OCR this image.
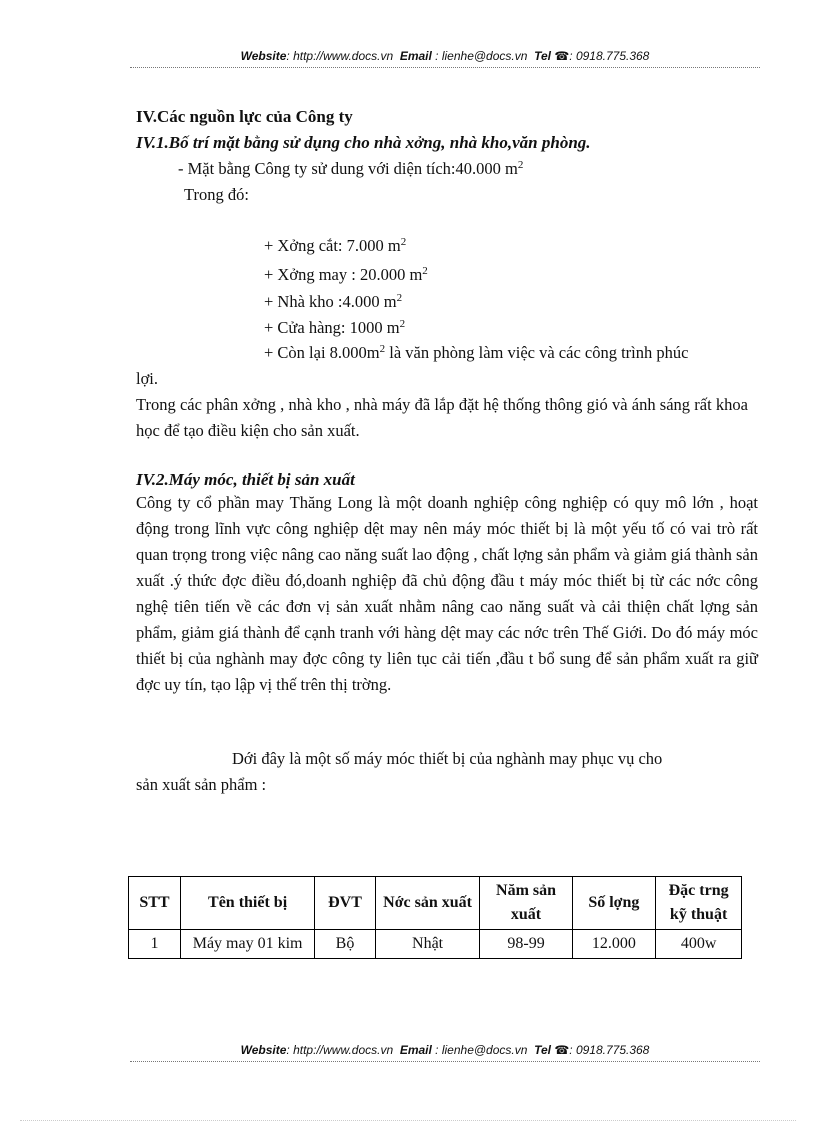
Website: http://www.docs.vn Email : lienhe@docs.vn Tel ☎: 0918.775.368
IV.Các nguồn lực của Công ty
IV.1.Bố trí mặt bằng sử dụng cho nhà xởng, nhà kho,văn phòng.
- Mặt bằng Công ty sử dung với diện tích:40.000 $m^2$
Trong đó:
+ Xởng cắt: 7.000 $m^2$
+ Xởng may : 20.000 $m^2$
+ Nhà kho :4.000 $m^2$
+ Cửa hàng: 1000 $m^2$
+ Còn lại $8.000m^2$ là văn phòng làm việc và các công trình phúc
lợi.
Trong các phân xởng , nhà kho , nhà máy đã lắp đặt hệ thống thông gió và ánh sáng rất khoa học để tạo điều kiện cho sản xuất.
IV.2.Máy móc, thiết bị sản xuất
Công ty cổ phần may Thăng Long là một doanh nghiệp công nghiệp có quy mô lớn , hoạt động trong lĩnh vực công nghiệp dệt may nên máy móc thiết bị là một yếu tố có vai trò rất quan trọng trong việc nâng cao năng suất lao động , chất lợng sản phẩm và giảm giá thành sản xuất .ý thức đợc điều đó,doanh nghiệp đã chủ động đầu t máy móc thiết bị từ các nớc công nghệ tiên tiến về các đơn vị sản xuất nhằm nâng cao năng suất và cải thiện chất lợng sản phẩm, giảm giá thành để cạnh tranh với hàng dệt may các nớc trên Thế Giới. Do đó máy móc thiết bị của nghành may đợc công ty liên tục cải tiến ,đầu t bổ sung để sản phẩm xuất ra giữ đợc uy tín, tạo lập vị thế trên thị trờng.
Dới đây là một số máy móc thiết bị của nghành may phục vụ cho
sản xuất sản phẩm :
STT	Tên thiết bị	ĐVT	Nớc sản xuất	Năm sản xuất	Số lợng	Đặc trng kỹ thuật
1	Máy may 01 kim	Bộ	Nhật	98-99	12.000	400w
Website: http://www.docs.vn Email : lienhe@docs.vn Tel ☎: 0918.775.368
